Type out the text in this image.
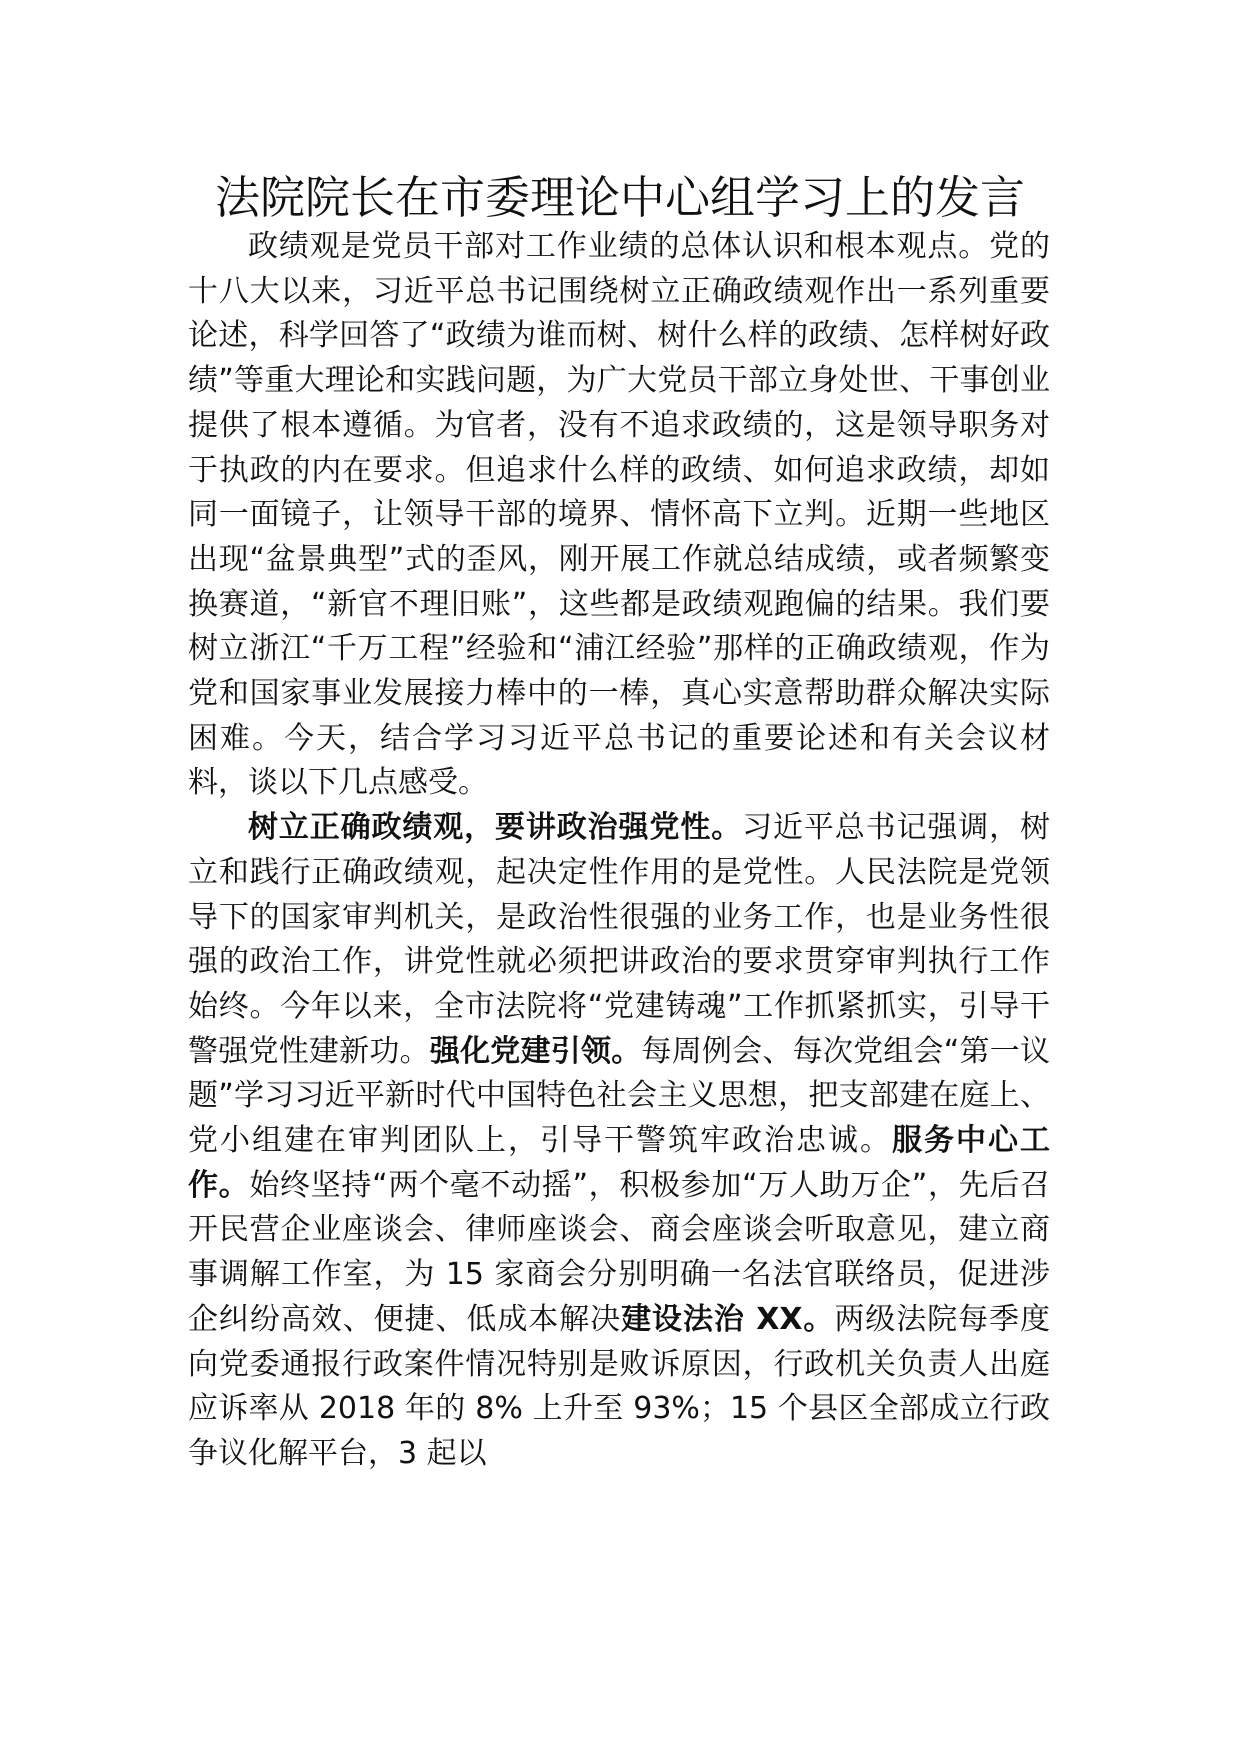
法院院长在市委理论中心组学习上的发言

政绩观是党员干部对工作业绩的总体认识和根本观点。党的十八大以来，习近平总书记围绕树立正确政绩观作出一系列重要论述，科学回答了“政绩为谁而树、树什么样的政绩、怎样树好政绩”等重大理论和实践问题，为广大党员干部立身处世、干事创业提供了根本遵循。为官者，没有不追求政绩的，这是领导职务对于执政的内在要求。但追求什么样的政绩、如何追求政绩，却如同一面镜子，让领导干部的境界、情怀高下立判。近期一些地区出现“盆景典型”式的歪风，刚开展工作就总结成绩，或者频繁变换赛道，“新官不理旧账”，这些都是政绩观跑偏的结果。我们要树立浙江“千万工程”经验和“浦江经验”那样的正确政绩观，作为党和国家事业发展接力棒中的一棒，真心实意帮助群众解决实际困难。今天，结合学习习近平总书记的重要论述和有关会议材料，谈以下几点感受。

树立正确政绩观，要讲政治强党性。习近平总书记强调，树立和践行正确政绩观，起决定性作用的是党性。人民法院是党领导下的国家审判机关，是政治性很强的业务工作，也是业务性很强的政治工作，讲党性就必须把讲政治的要求贯穿审判执行工作始终。今年以来，全市法院将“党建铸魂”工作抓紧抓实，引导干警强党性建新功。强化党建引领。每周例会、每次党组会“第一议题”学习习近平新时代中国特色社会主义思想，把支部建在庭上、党小组建在审判团队上，引导干警筑牢政治忠诚。服务中心工作。始终坚持“两个毫不动摇”，积极参加“万人助万企”，先后召开民营企业座谈会、律师座谈会、商会座谈会听取意见，建立商事调解工作室，为 15 家商会分别明确一名法官联络员，促进涉企纠纷高效、便捷、低成本解决建设法治 XX。两级法院每季度向党委通报行政案件情况特别是败诉原因，行政机关负责人出庭应诉率从 2018 年的 8% 上升至 93%；15 个县区全部成立行政争议化解平台，3 起以
